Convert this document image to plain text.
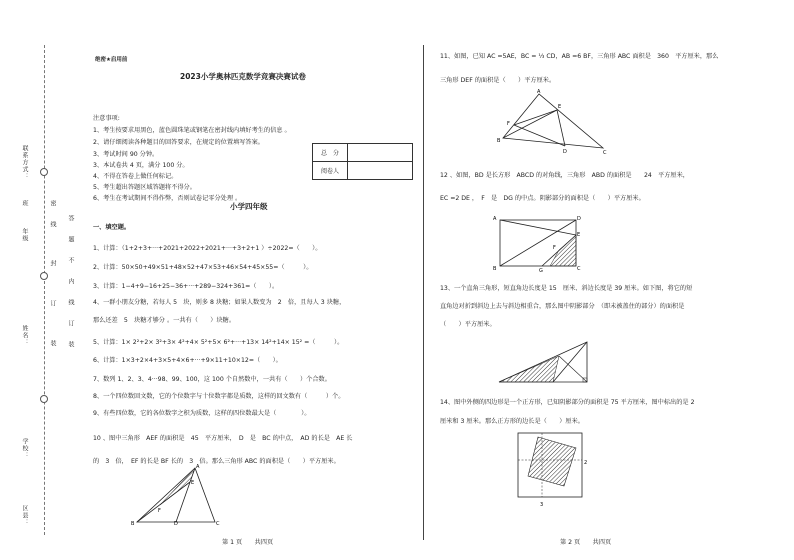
联系方式：
班
年级
姓名：
学校：
区县：
密　　线
封
订
装 答　　题　　不　　内　　线　　订　　装
绝密★启用前
2023小学奥林匹克数学竞赛决赛试卷
注意事项:
1、考生按要求用黑色，蓝色圆珠笔或钢笔在密封线内填好考生的信息 。
2、请仔细阅读各种题目的回答要求，在规定的位置填写答案。
3、考试时间 90 分钟。
3、本试卷共 4 页，满分 100 分。
4、不得在答卷上做任何标记。
5、考生超出答题区域答题将不得分。
6、考生在考试期间不得作弊，否则试卷记零分处理 。
总　分	
阅卷人	
小学四年级
一、填空题。
1、计算：（1+2+3+···+2021+2022+2021+···+3+2+1 ）÷2022=（　　）。
2、计算：50×50+49×51+48×52+47×53+46×54+45×55=（　　　）。
3、计算：1−4+9−16+25−36+···+289−324+361=（　　）。
4、一群小朋友分糖，若每人 5　块，则多 8 块糖；如果人数变为　2　倍，且每人 3 块糖，
那么还差　5　块糖才够分 。一共有（　　）块糖。
5、计算：1× 2²+2× 3²+3× 4²+4× 5²+5× 6²+···+13× 14²+14× 15² =（　　　）。
6、计算：1×3+2×4+3×5+4×6+···+9×11+10×12=（　　）。
7、数列 1、2、3、4···98、99、100，这 100 个自然数中，一共有（　　）个合数。
8、一个四位数回文数，它的个位数字与十位数字都是质数，这样的回文数有（　　　）个。
9、有些四位数，它的各位数字之积为质数，这样的四位数最大是（　　　　）。
10 、图中三角形　AEF 的面积是　45　平方厘米，　D　是　BC 的中点，　AD 的长是　AE 长
的　3　倍，　EF 的长是 BF 长的　3　倍。那么三角形 ABC 的面积是（　　）平方厘米。
A
E
F
B	D	C
第 1 页　　共四页
11、如图，已知 AC =5AE，BC = ⅓ CD，AB =6 BF，三角形 ABC 面积是　360　平方厘米，那么
三角形 DEF 的面积是（　　）平方厘米。
A
E
F
B
D	C
12 、如图，BD 是长方形　ABCD 的对角线，三角形　ABD 的面积是　　24　平方厘米，
EC =2 DE ，　F　是　DG 的中点。阴影部分的面积是（　　）平方厘米。
A	D
E
F
B	G	C
13、一个直角三角形，短直角边长度是 15　厘米、斜边长度是 39 厘米。如下图，将它的短
直角边对折到斜边上去与斜边相重合，那么图中阴影部分　（即未被盖住的部分）的面积是
（　　）平方厘米。
14、图中外侧的四边形是一个正方形，已知阴影部分的面积是 75 平方厘米，图中标出的是 2
厘米和 3 厘米。那么正方形的边长是（　　）厘米。
2
3
第 2 页　　共四页
